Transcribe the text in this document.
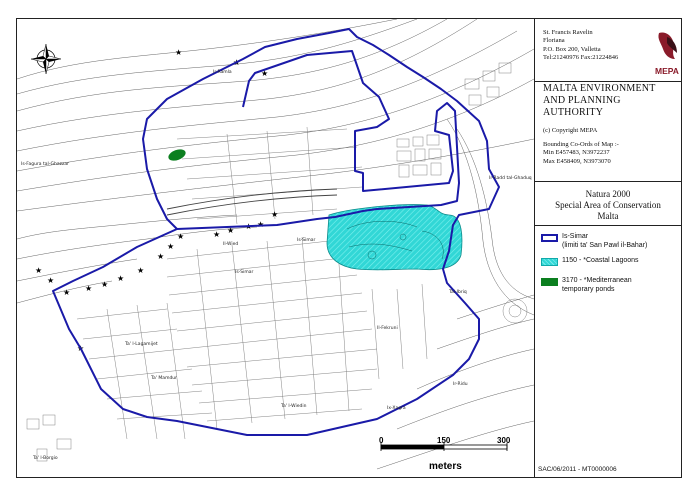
★
★
★
★
★
★
★
★
★
★
★
★
★
★
★
★
★
★
★
Ir-Ramla
Is-Fagura tal-Ghazzar
Ir-Radd tal-Ghaduq
Is-Simar
Is-Simar
Il-Wied
Tal-Ibriq
Il-Fekruni
Ir-Ridu
Ta' l-Borgio
Ta' Mamdur
Ta' l-Wiedin
Ta' l-Lagamijet
Ix-Xagra
0	150	300
meters
St. Francis Ravelin
Floriana
P.O. Box 200, Valletta
Tel:21240976 Fax:21224846
MEPA
MALTA ENVIRONMENT
AND PLANNING
AUTHORITY
(c) Copyright MEPA
Bounding Co-Ords of Map :-
Min E457483, N3972237
Max E458409, N3973070
Natura 2000
Special Area of Conservation
Malta
Is-Simar
(limiti ta' San Pawl il-Bahar)
1150 - *Coastal Lagoons
3170 - *Mediterranean
temporary ponds
SAC/06/2011 - MT0000006
